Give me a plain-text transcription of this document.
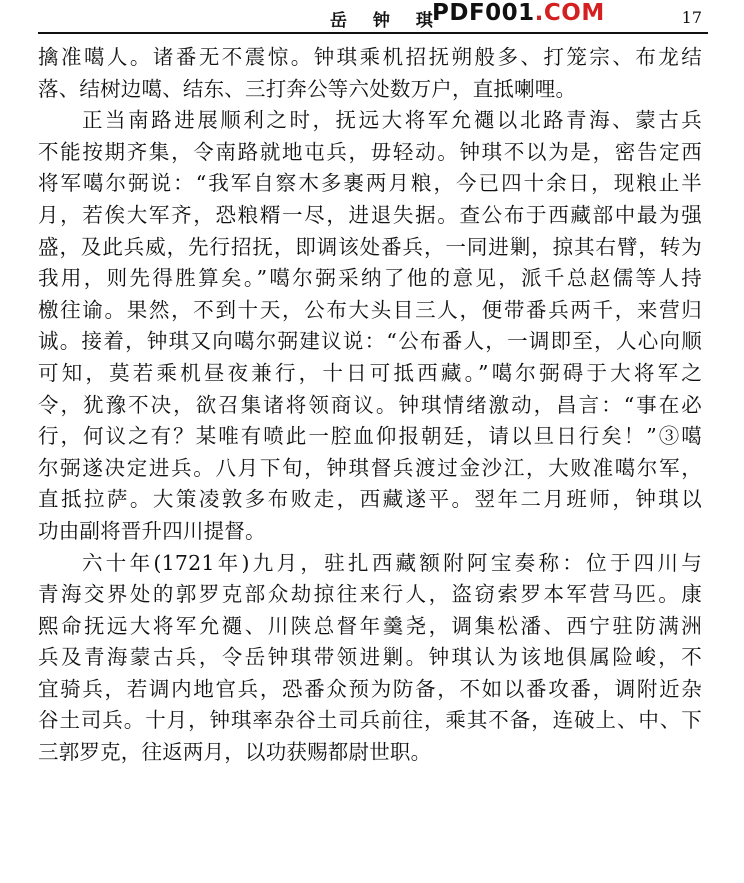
岳 钟 琪
PDF001.COM	17
擒准噶人。诸番无不震惊。钟琪乘机招抚朔般多、打笼宗、布龙结
落、结树边噶、结东、三打奔公等六处数万户，直抵喇哩。
正当南路进展顺利之时，抚远大将军允禵以北路青海、蒙古兵
不能按期齐集，令南路就地屯兵，毋轻动。钟琪不以为是，密告定西
将军噶尔弼说：“我军自察木多裹两月粮，今已四十余日，现粮止半
月，若俟大军齐，恐粮糈一尽，进退失据。查公布于西藏部中最为强
盛，及此兵威，先行招抚，即调该处番兵，一同进剿，掠其右臂，转为
我用，则先得胜算矣。”噶尔弼采纳了他的意见，派千总赵儒等人持
檄往谕。果然，不到十天，公布大头目三人，便带番兵两千，来营归
诚。接着，钟琪又向噶尔弼建议说：“公布番人，一调即至，人心向顺
可知，莫若乘机昼夜兼行，十日可抵西藏。”噶尔弼碍于大将军之
令，犹豫不决，欲召集诸将领商议。钟琪情绪激动，昌言：“事在必
行，何议之有？某唯有喷此一腔血仰报朝廷，请以旦日行矣！”③噶
尔弼遂决定进兵。八月下旬，钟琪督兵渡过金沙江，大败准噶尔军，
直抵拉萨。大策凌敦多布败走，西藏遂平。翌年二月班师，钟琪以
功由副将晋升四川提督。
六十年(1721年)九月，驻扎西藏额附阿宝奏称：位于四川与
青海交界处的郭罗克部众劫掠往来行人，盗窃索罗本军营马匹。康
熙命抚远大将军允禵、川陕总督年羹尧，调集松潘、西宁驻防满洲
兵及青海蒙古兵，令岳钟琪带领进剿。钟琪认为该地俱属险峻，不
宜骑兵，若调内地官兵，恐番众预为防备，不如以番攻番，调附近杂
谷土司兵。十月，钟琪率杂谷土司兵前往，乘其不备，连破上、中、下
三郭罗克，往返两月，以功获赐都尉世职。
